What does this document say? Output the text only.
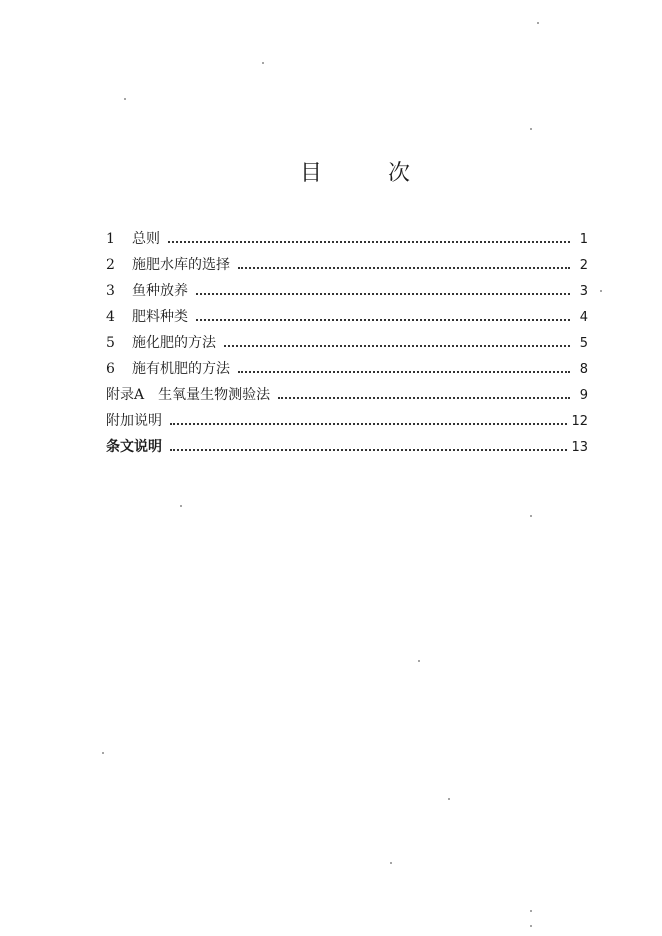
目	次
1	总则	1
2	施肥水库的选择	2
3	鱼种放养	3
4	肥料种类	4
5	施化肥的方法	5
6	施有机肥的方法	8
附录A　生氧量生物测验法	9
附加说明	12
条文说明	13
